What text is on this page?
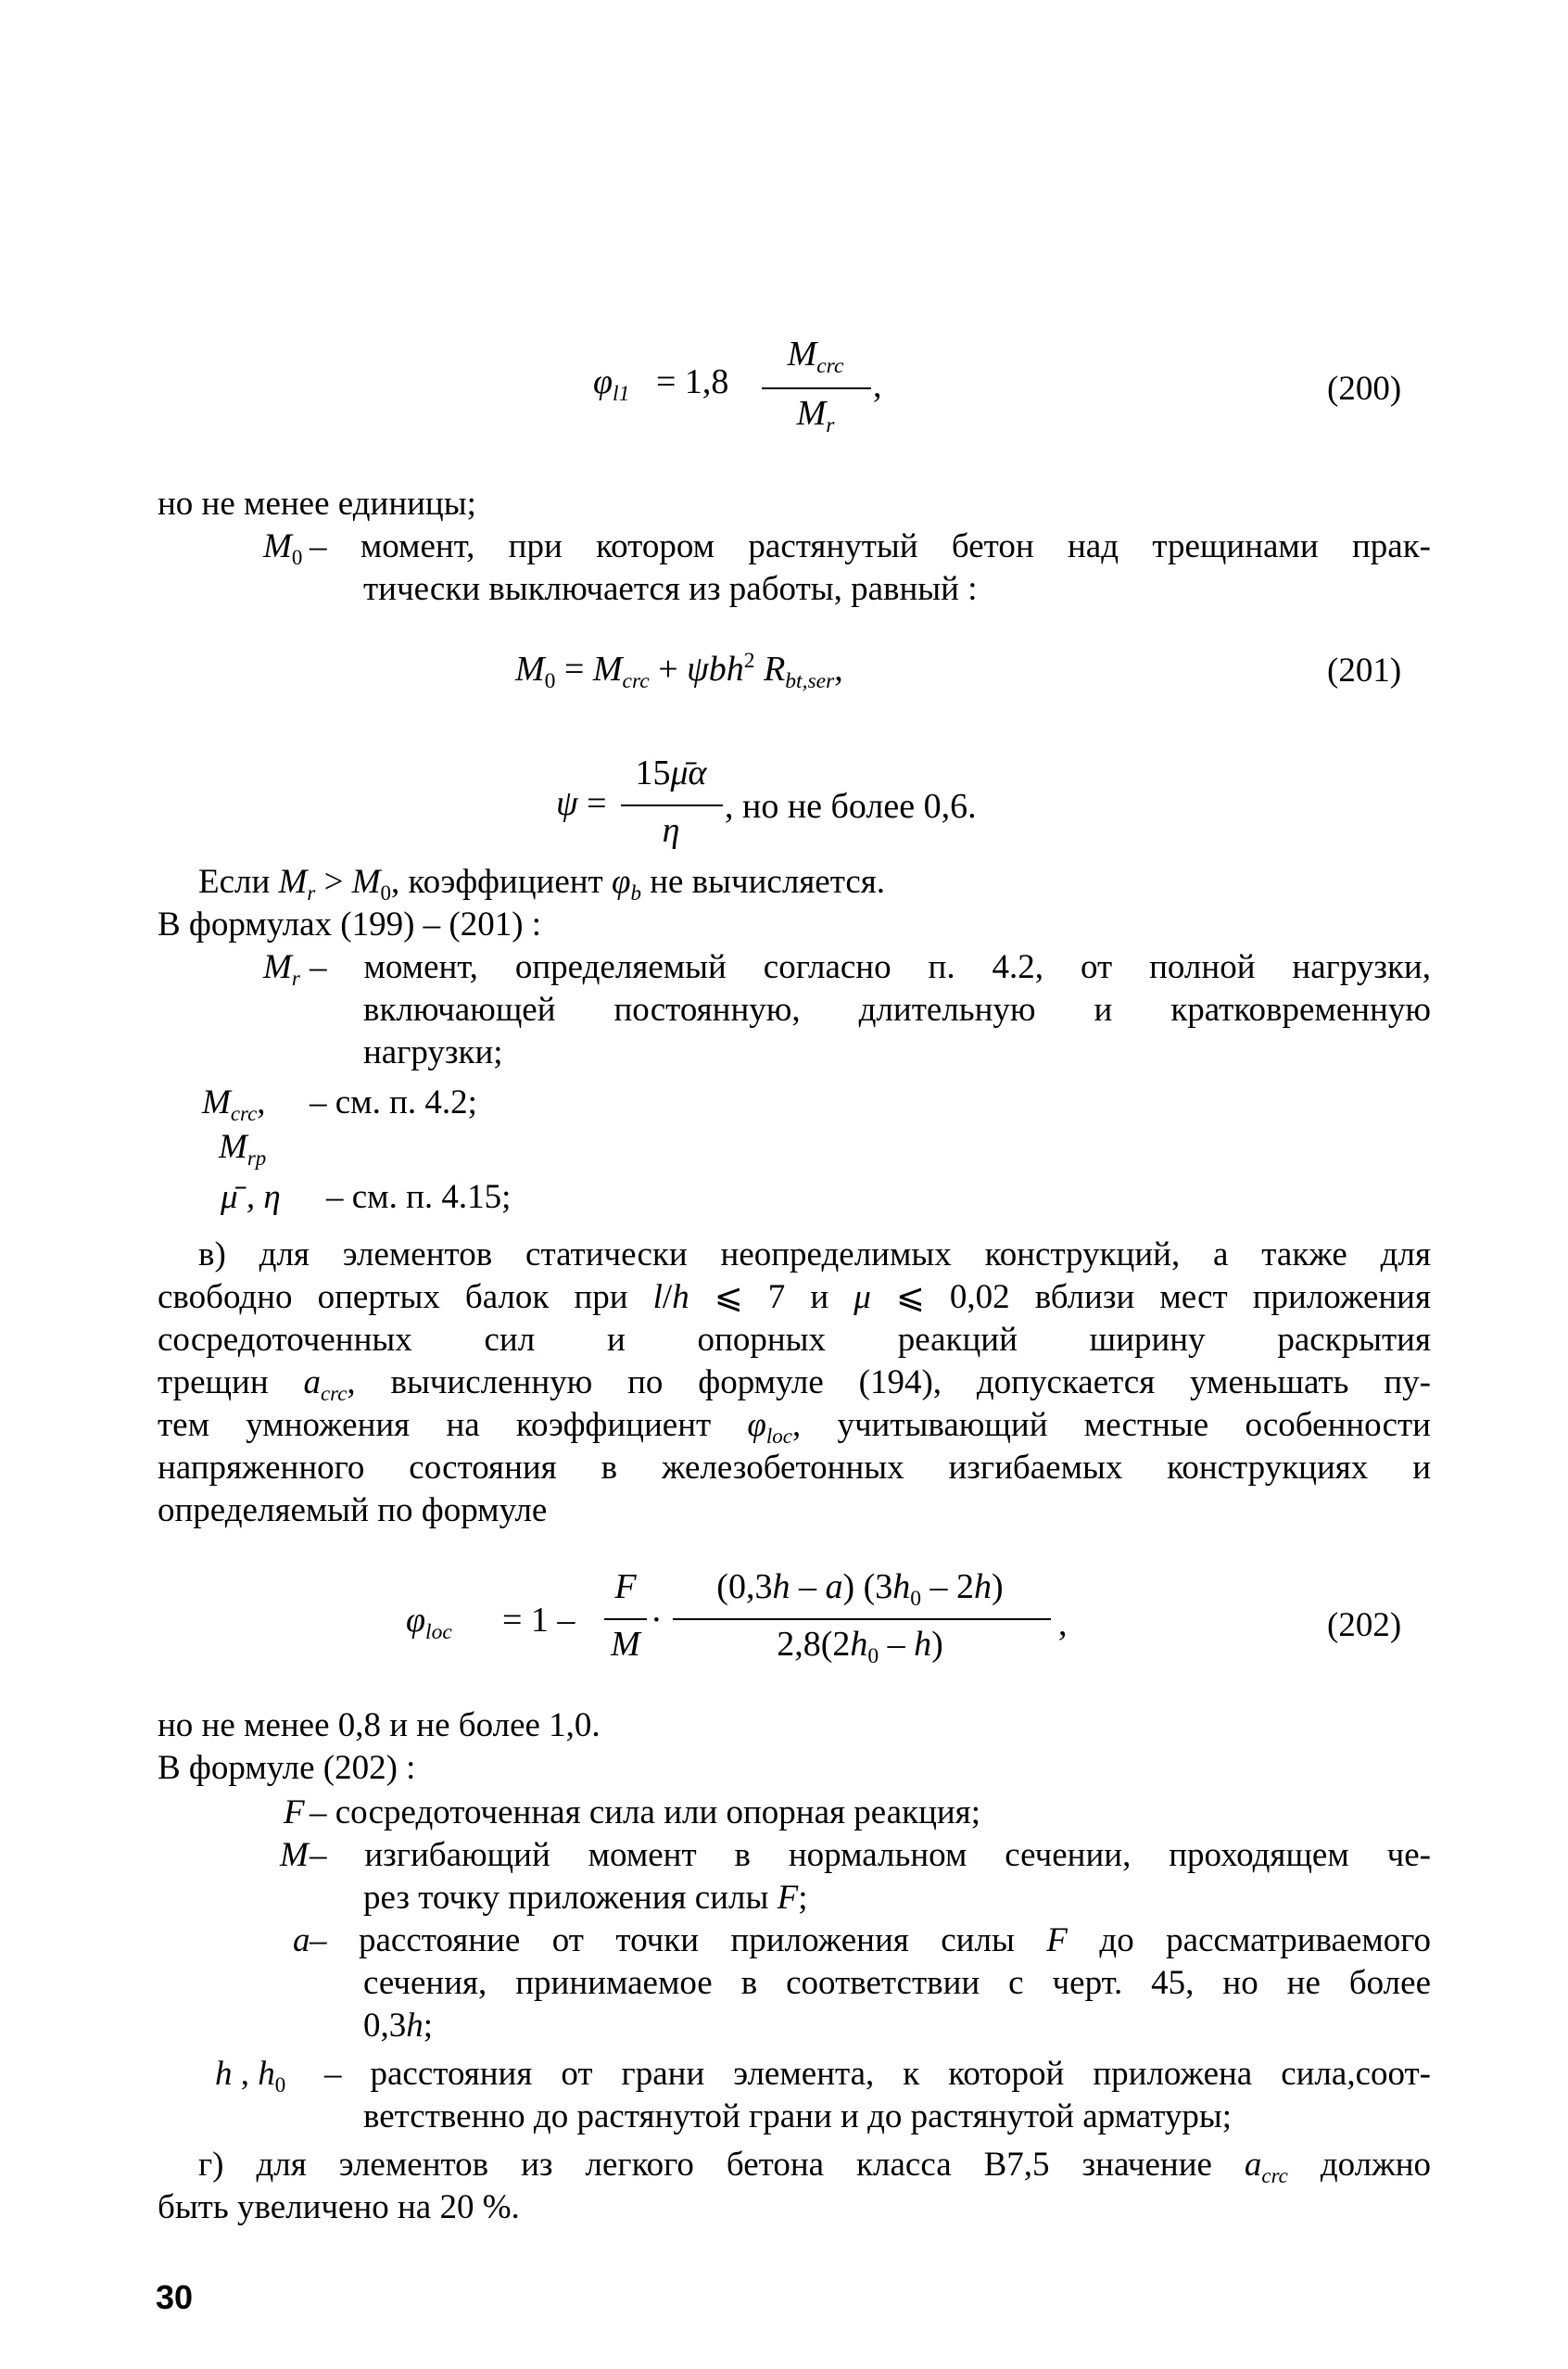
$\varphi_{l1} = 1,8$
$M_{crc}$
$M_r$
,	(200)
но не менее единицы;
$M_0$ – момент, при котором растянутый бетон над трещинами прак-
тически выключается из работы, равный :
$M_0 = M_{crc} + \psi bh^2$ $R_{bt,ser}$,	(201)
ψ =
15μ̄α
η
, но не более 0,6.
Если $M_r > M_0$, коэффициент $\varphi_b$ не вычисляется.
В формулах (199) – (201) :
$M_r$ – момент, определяемый согласно п. 4.2, от полной нагрузки,
включающей постоянную, длительную и кратковременную
нагрузки;
$M_{crc}$, – см. п. 4.2;
$M_{rp}$
μ̄ , η – см. п. 4.15;
в) для элементов статически неопределимых конструкций, а также для
свободно опертых балок при l/h ⩽ 7 и μ ⩽ 0,02 вблизи мест приложения
сосредоточенных сил и опорных реакций ширину раскрытия
трещин $a_{crc}$, вычисленную по формуле (194), допускается уменьшать пу-
тем умножения на коэффициент $\varphi_{loc}$, учитывающий местные особенности
напряженного состояния в железобетонных изгибаемых конструкциях и
определяемый по формуле
$\varphi_{loc} = 1$ –
F
M
·
(0,3h – a) $(3h_0 - 2h)$
$2,8(2h_0 - h)$
,	(202)
но не менее 0,8 и не более 1,0.
В формуле (202) :
F – сосредоточенная сила или опорная реакция;
M – изгибающий момент в нормальном сечении, проходящем че-
рез точку приложения силы F;
a – расстояние от точки приложения силы F до рассматриваемого
сечения, принимаемое в соответствии с черт. 45, но не более
0,3h;
h , $h_0$ – расстояния от грани элемента, к которой приложена сила,соот-
ветственно до растянутой грани и до растянутой арматуры;
г) для элементов из легкого бетона класса В7,5 значение $a_{crc}$ должно
быть увеличено на 20 %.
30
